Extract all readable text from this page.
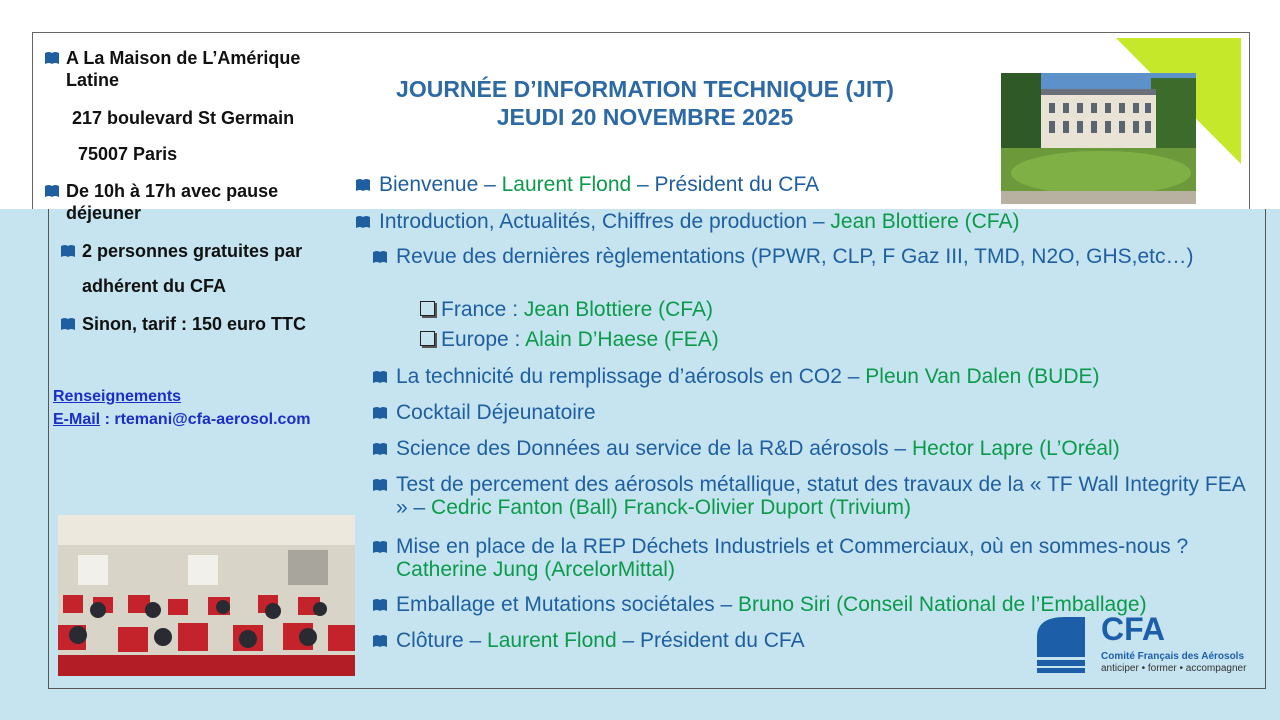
A La Maison de L’Amérique
Latine
217 boulevard St Germain
75007 Paris
De 10h à 17h avec pause
déjeuner
2 personnes gratuites par
adhérent du CFA
Sinon, tarif : 150 euro TTC
Renseignements
E-Mail : rtemani@cfa-aerosol.com
JOURNÉE D’INFORMATION TECHNIQUE (JIT)
JEUDI 20 NOVEMBRE 2025
Bienvenue – Laurent Flond – Président du CFA
Introduction, Actualités, Chiffres de production – Jean Blottiere (CFA)
Revue des dernières règlementations (PPWR, CLP, F Gaz III, TMD, N2O, GHS,etc…)
La technicité du remplissage d’aérosols en CO2 – Pleun Van Dalen (BUDE)
Cocktail Déjeunatoire
Science des Données au service de la R&D aérosols – Hector Lapre (L’Oréal)
Test de percement des aérosols métallique, statut des travaux de la « TF Wall Integrity FEA » – Cedric Fanton (Ball) Franck-Olivier Duport (Trivium)
Mise en place de la REP Déchets Industriels et Commerciaux, où en sommes-nous ? Catherine Jung (ArcelorMittal)
Emballage et Mutations sociétales – Bruno Siri (Conseil National de l’Emballage)
Clôture – Laurent Flond – Président du CFA
France : Jean Blottiere (CFA)
Europe : Alain D’Haese (FEA)
CFA
Comité Français des Aérosols
anticiper • former • accompagner
